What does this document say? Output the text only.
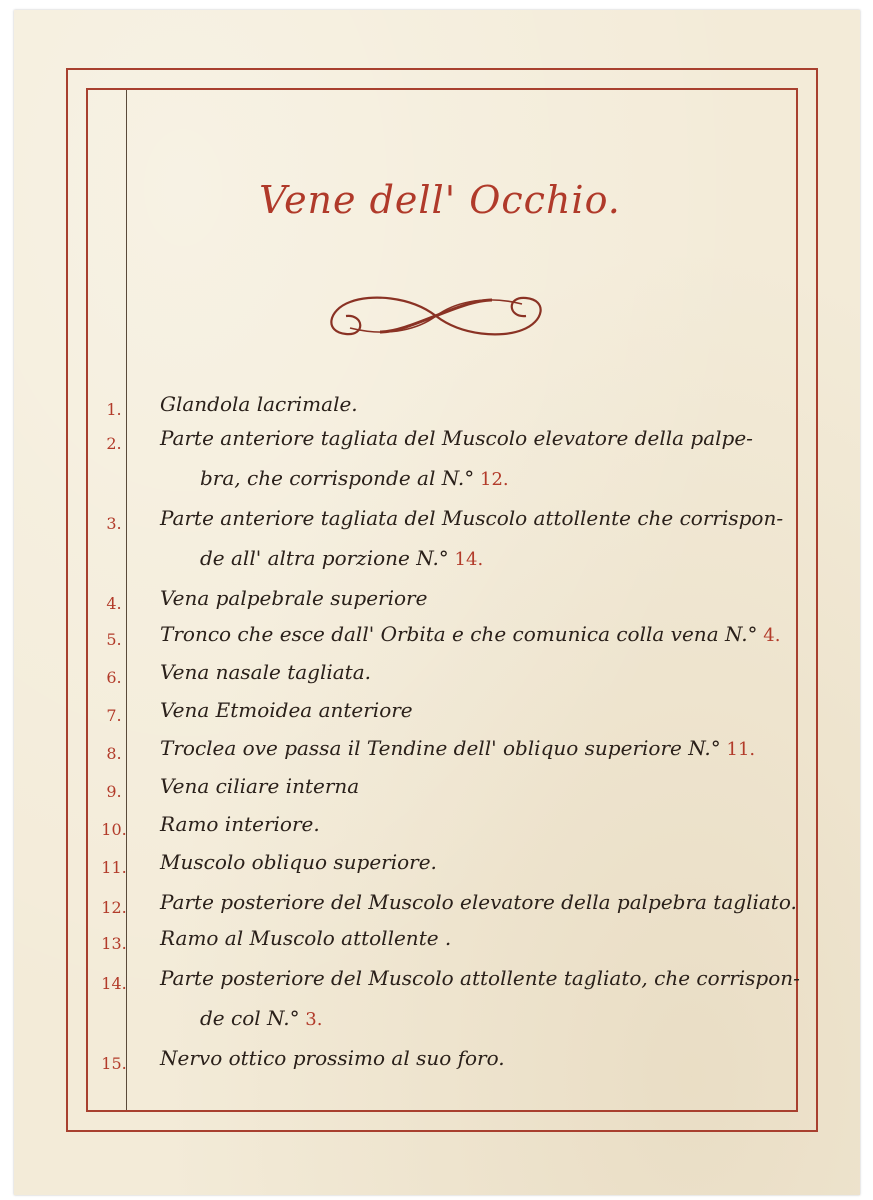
Vene dell' Occhio.
1.	Glandola lacrimale.
2.	Parte anteriore tagliata del Muscolo elevatore della palpe-
bra, che corrisponde al N.° 12.
3.	Parte anteriore tagliata del Muscolo attollente che corrispon-
de all' altra porzione N.° 14.
4.	Vena palpebrale superiore
5.	Tronco che esce dall' Orbita e che comunica colla vena N.° 4.
6.	Vena nasale tagliata.
7.	Vena Etmoidea anteriore
8.	Troclea ove passa il Tendine dell' obliquo superiore N.° 11.
9.	Vena ciliare interna
10.	Ramo interiore.
11.	Muscolo obliquo superiore.
12.	Parte posteriore del Muscolo elevatore della palpebra tagliato.
13.	Ramo al Muscolo attollente .
14.	Parte posteriore del Muscolo attollente tagliato, che corrispon-
de col N.° 3.
15.	Nervo ottico prossimo al suo foro.
